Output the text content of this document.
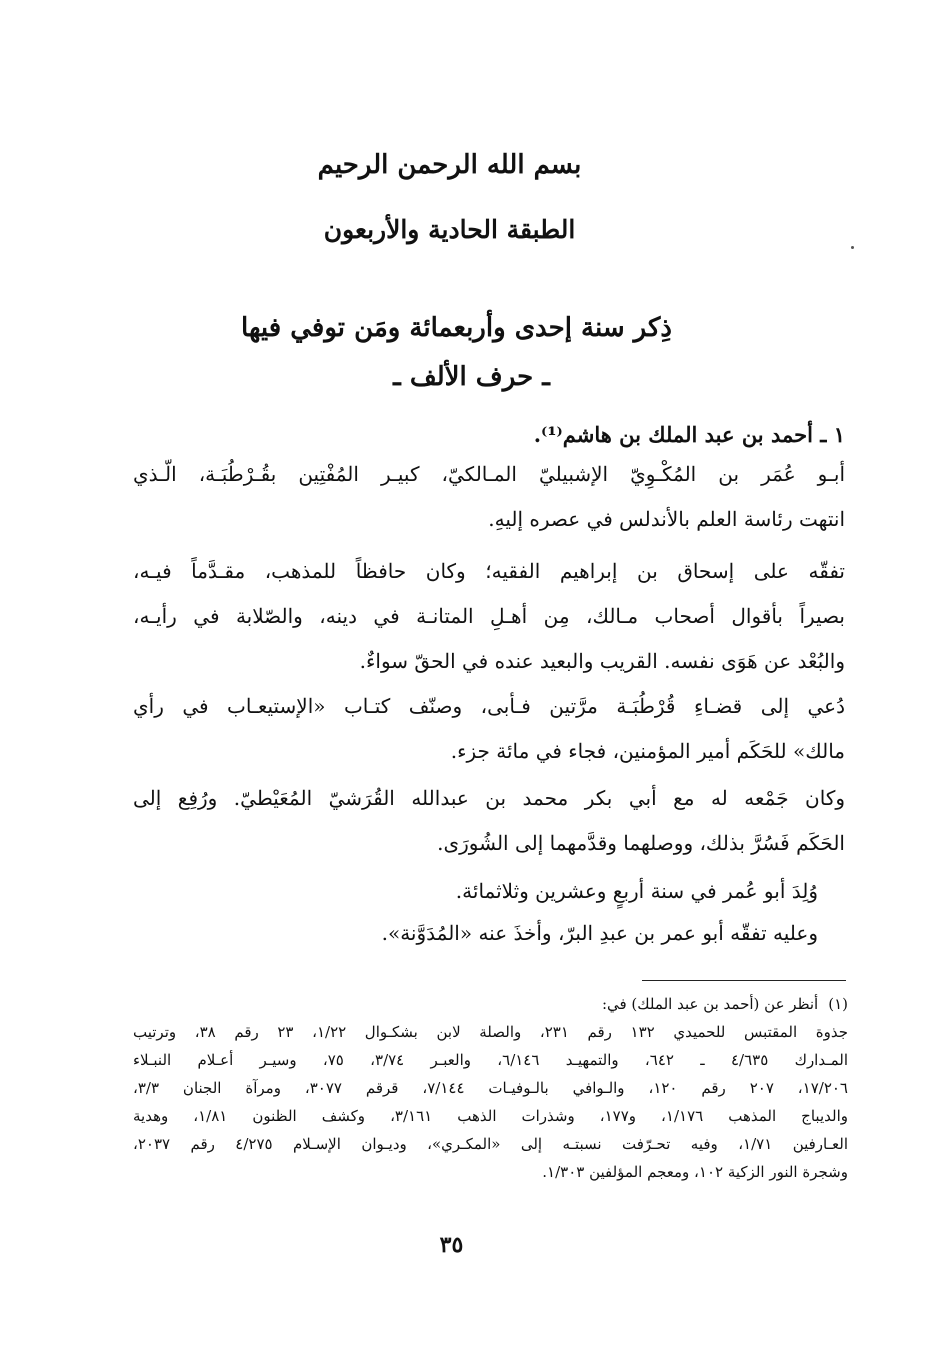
بسم الله الرحمن الرحيم
الطبقة الحادية والأربعون
ذِكر سنة إحدى وأربعمائة ومَن توفي فيها
ـ حرف الألف ـ
١ ـ أحمد بن عبد الملك بن هاشم⁽¹⁾.
أبـو عُمَر بن المُكْـوِيّ الإشبيليّ المـالكيّ، كبيـر المُفْتِين بقُـرْطُبَـة، الّـذي
انتهت رئاسة العلم بالأندلس في عصره إليهِ.
تفقّه على إسحاق بن إبراهيم الفقيه؛ وكان حافظاً للمذهب، مقـدَّماً فيـه،
بصيراً بأقوال أصحاب مـالك، مِن أهـلِ المتانـة في دينه، والصّلابة في رأيـه،
والبُعْد عن هَوَى نفسه. القريب والبعيد عنده في الحقّ سواءٌ.
دُعي إلى قضـاءِ قُرْطُبَـة مرَّتين فـأبى، وصنّف كتـاب «الإستيعـاب في رأي
مالك» للحَكَم أمير المؤمنين، فجاء في مائة جزء.
وكان جَمْعه له مع أبي بكر محمد بن عبدالله القُرَشيّ المُعَيْطيّ. ورُفِع إلى
الحَكَم فَسُرَّ بذلك، ووصلهما وقدَّمهما إلى الشُورَى.
وُلِدَ أبو عُمر في سنة أربعٍ وعشرين وثلاثمائة.
وعليه تفقّه أبو عمر بن عبدِ البرّ، وأخذَ عنه «المُدَوَّنة».
(١)أنظر عن (أحمد بن عبد الملك) في:
جذوة المقتبس للحميدي ١٣٢ رقم ٢٣١، والصلة لابن بشكـوال ١/٢٢، ٢٣ رقم ٣٨، وترتيب
المـدارك ٤/٦٣٥ ـ ٦٤٢، والتمهيـد ٦/١٤٦، والعبـر ٣/٧٤، ٧٥، وسيـر أعـلام النبـلاء
١٧/٢٠٦، ٢٠٧ رقم ١٢٠، والـوافي بالـوفيـات ٧/١٤٤، قرقم ٣٠٧٧، ومرآة الجنان ٣/٣،
والديباج المذهب ١/١٧٦، و١٧٧، وشذرات الذهب ٣/١٦١، وكشف الظنون ١/٨١، وهدية
العـارفين ١/٧١، وفيه تحـرّفت نسبتـه إلى «المكـري»، وديـوان الإسـلام ٤/٢٧٥ رقم ٢٠٣٧،
وشجرة النور الزكية ١٠٢، ومعجم المؤلفين ١/٣٠٣.
٣٥
